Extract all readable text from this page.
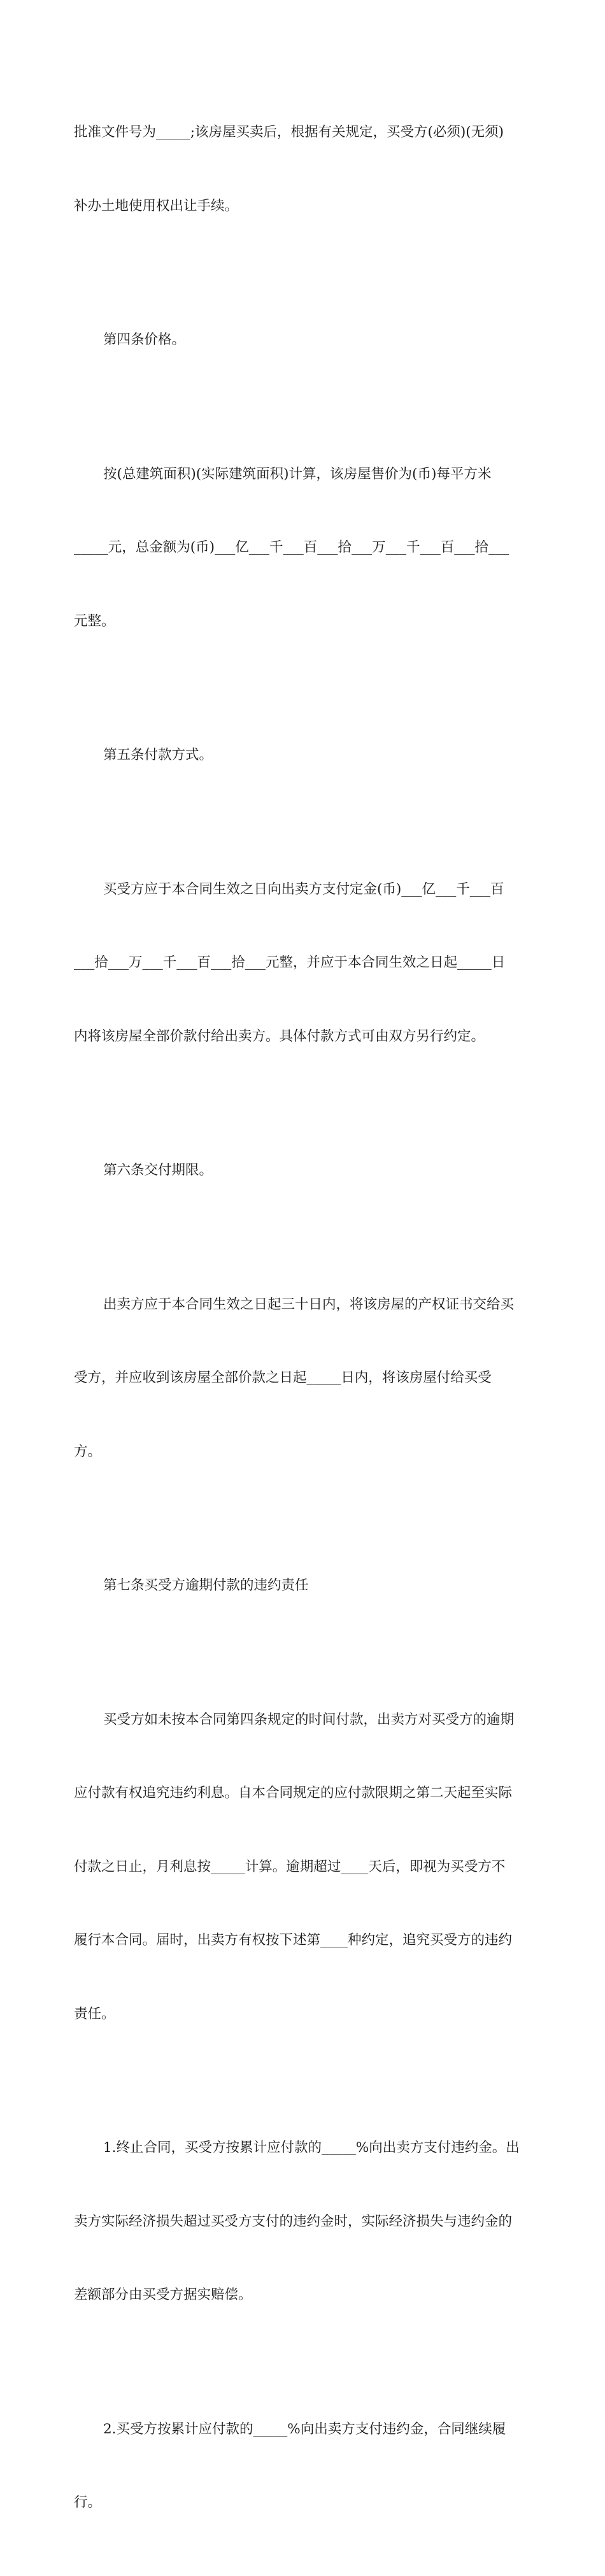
批准文件号为_____;该房屋买卖后，根据有关规定，买受方(必须)(无须)

补办土地使用权出让手续。

第四条价格。

按(总建筑面积)(实际建筑面积)计算，该房屋售价为(币)每平方米

_____元，总金额为(币)___亿___千___百___拾___万___千___百___拾___

元整。

第五条付款方式。

买受方应于本合同生效之日向出卖方支付定金(币)___亿___千___百

___拾___万___千___百___拾___元整，并应于本合同生效之日起_____日

内将该房屋全部价款付给出卖方。具体付款方式可由双方另行约定。

第六条交付期限。

出卖方应于本合同生效之日起三十日内，将该房屋的产权证书交给买

受方，并应收到该房屋全部价款之日起_____日内，将该房屋付给买受

方。

第七条买受方逾期付款的违约责任

买受方如未按本合同第四条规定的时间付款，出卖方对买受方的逾期

应付款有权追究违约利息。自本合同规定的应付款限期之第二天起至实际

付款之日止，月利息按_____计算。逾期超过____天后，即视为买受方不

履行本合同。届时，出卖方有权按下述第____种约定，追究买受方的违约

责任。

1.终止合同，买受方按累计应付款的_____%向出卖方支付违约金。出

卖方实际经济损失超过买受方支付的违约金时，实际经济损失与违约金的

差额部分由买受方据实赔偿。

2.买受方按累计应付款的_____%向出卖方支付违约金，合同继续履

行。
